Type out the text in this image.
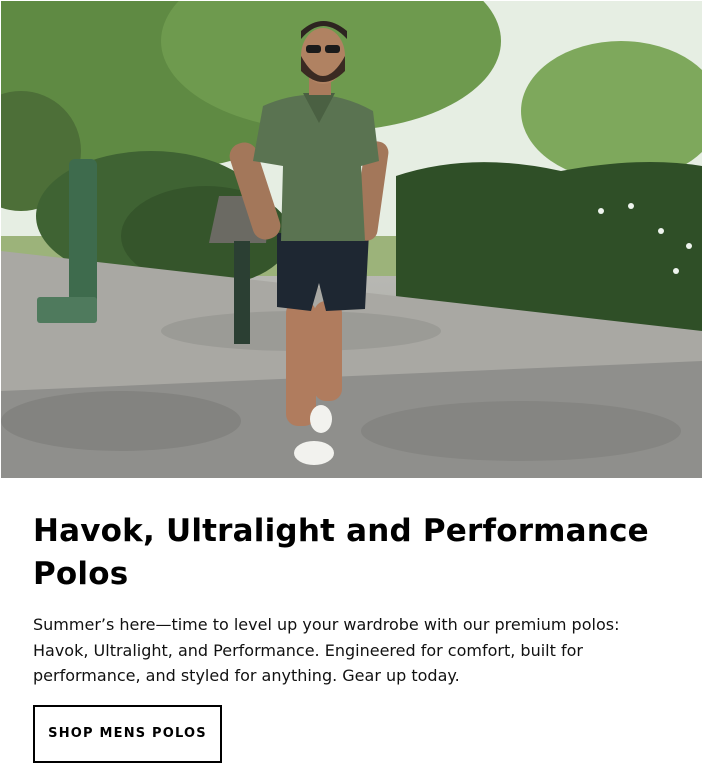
Havok, Ultralight and Performance Polos

Summer’s here—time to level up your wardrobe with our premium polos: Havok, Ultralight, and Performance. Engineered for comfort, built for performance, and styled for anything. Gear up today.

SHOP MENS POLOS
